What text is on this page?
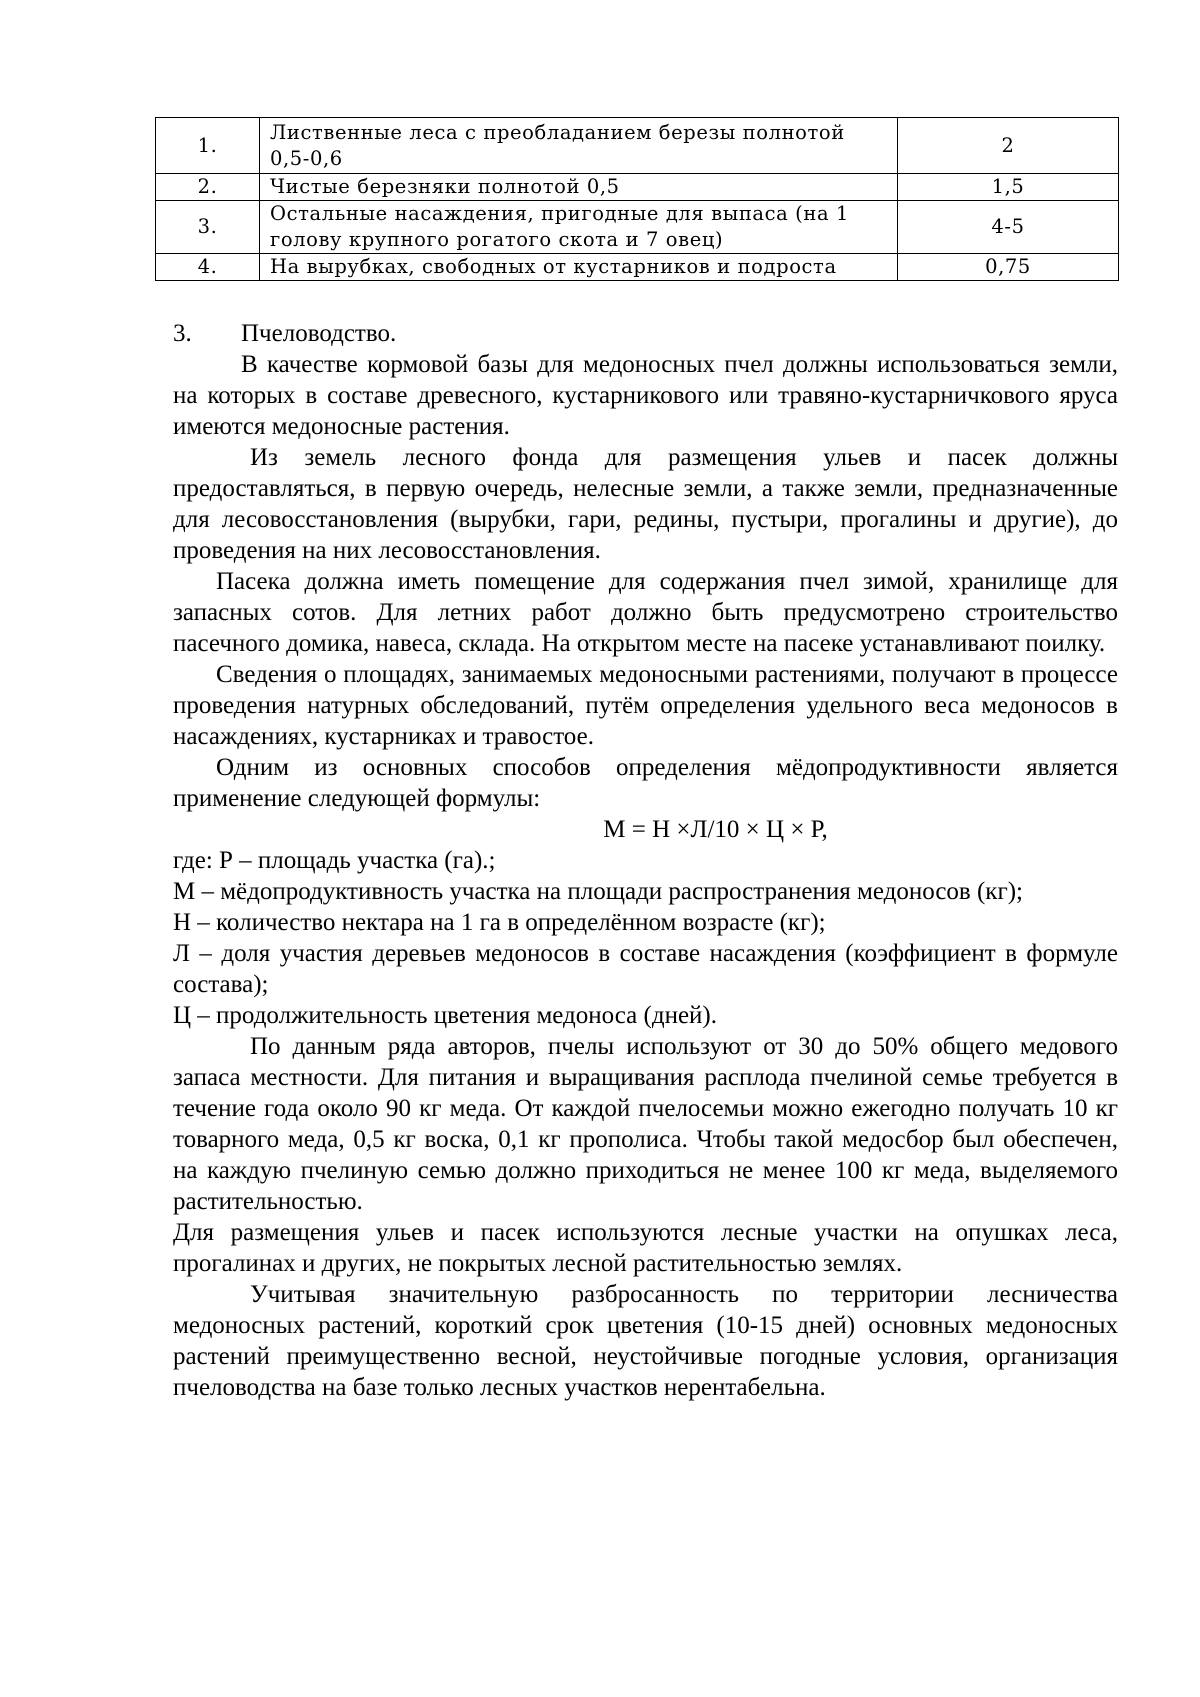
1.	Лиственные леса с преобладанием березы полнотой 0,5-0,6	2
2.	Чистые березняки полнотой 0,5	1,5
3.	Остальные насаждения, пригодные для выпаса (на 1 голову крупного рогатого скота и 7 овец)	4-5
4.	На вырубках, свободных от кустарников и подроста	0,75

3. Пчеловодство.

В качестве кормовой базы для медоносных пчел должны использоваться земли, на которых в составе древесного, кустарникового или травяно-кустарничкового яруса имеются медоносные растения.

Из земель лесного фонда для размещения ульев и пасек должны предоставляться, в первую очередь, нелесные земли, а также земли, предназначенные для лесовосстановления (вырубки, гари, редины, пустыри, прогалины и другие), до проведения на них лесовосстановления.

Пасека должна иметь помещение для содержания пчел зимой, хранилище для запасных сотов. Для летних работ должно быть предусмотрено строительство пасечного домика, навеса, склада. На открытом месте на пасеке устанавливают поилку.

Сведения о площадях, занимаемых медоносными растениями, получают в процессе проведения натурных обследований, путём определения удельного веса медоносов в насаждениях, кустарниках и травостое.

Одним из основных способов определения мёдопродуктивности является применение следующей формулы:

М = Н ×Л/10 × Ц × Р,

где: Р – площадь участка (га).;

М – мёдопродуктивность участка на площади распространения медоносов (кг);

Н – количество нектара на 1 га в определённом возрасте (кг);

Л – доля участия деревьев медоносов в составе насаждения (коэффициент в формуле состава);

Ц – продолжительность цветения медоноса (дней).

По данным ряда авторов, пчелы используют от 30 до 50% общего медового запаса местности. Для питания и выращивания расплода пчелиной семье требуется в течение года около 90 кг меда. От каждой пчелосемьи можно ежегодно получать 10 кг товарного меда, 0,5 кг воска, 0,1 кг прополиса. Чтобы такой медосбор был обеспечен, на каждую пчелиную семью должно приходиться не менее 100 кг меда, выделяемого растительностью.

Для размещения ульев и пасек используются лесные участки на опушках леса, прогалинах и других, не покрытых лесной растительностью землях.

Учитывая значительную разбросанность по территории лесничества медоносных растений, короткий срок цветения (10-15 дней) основных медоносных растений преимущественно весной, неустойчивые погодные условия, организация пчеловодства на базе только лесных участков нерентабельна.
